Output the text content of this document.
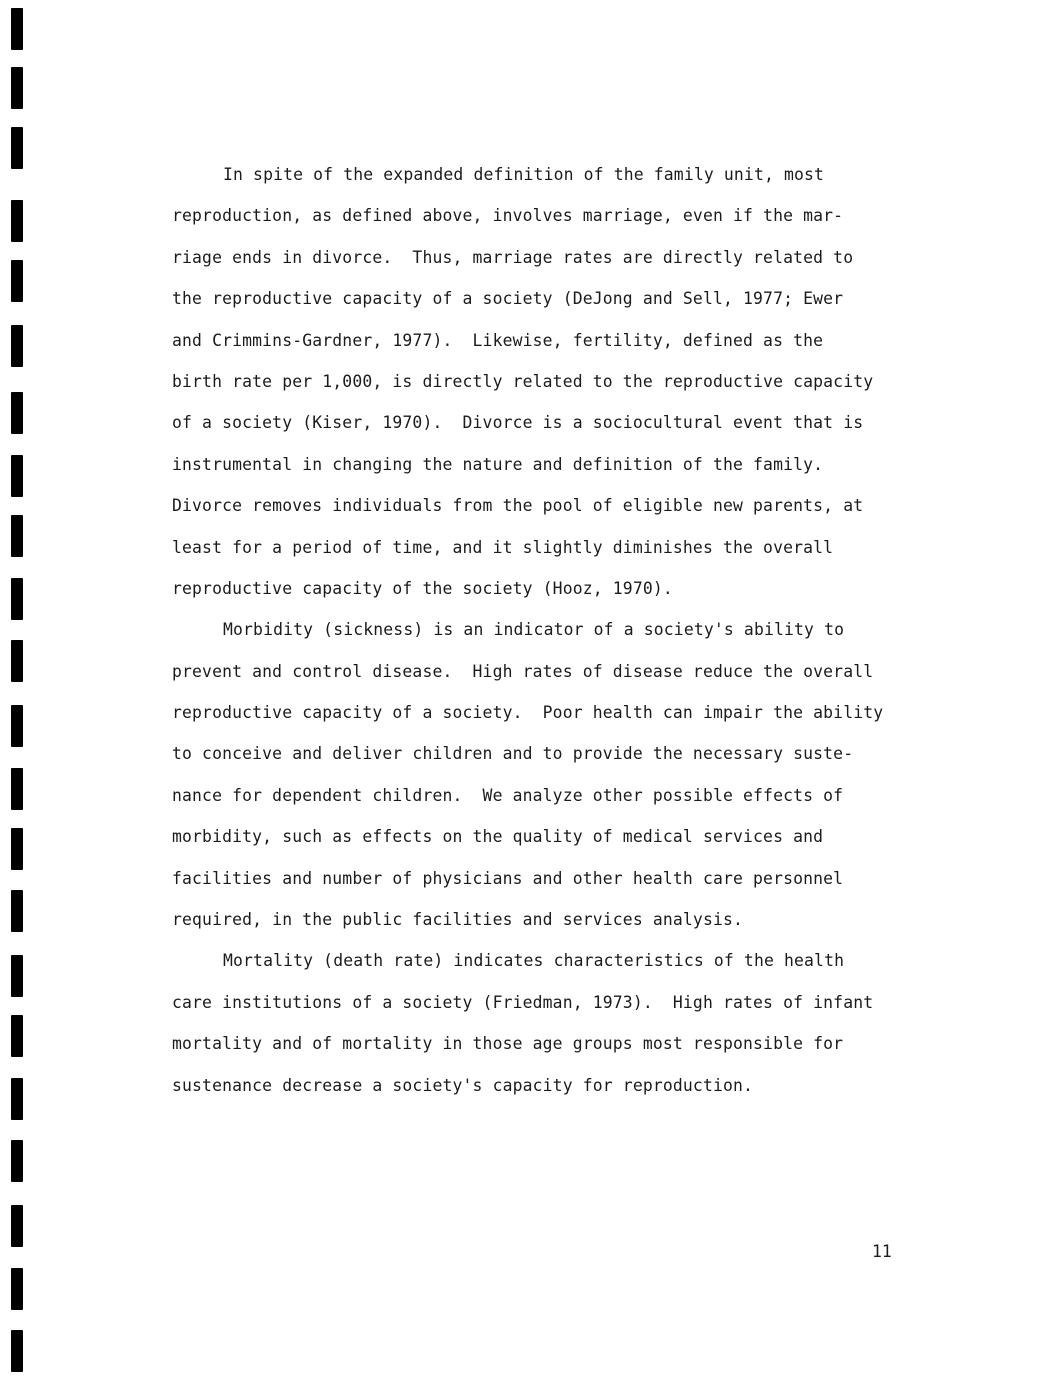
In spite of the expanded definition of the family unit, most
reproduction, as defined above, involves marriage, even if the mar-
riage ends in divorce.  Thus, marriage rates are directly related to
the reproductive capacity of a society (DeJong and Sell, 1977; Ewer
and Crimmins-Gardner, 1977).  Likewise, fertility, defined as the
birth rate per 1,000, is directly related to the reproductive capacity
of a society (Kiser, 1970).  Divorce is a sociocultural event that is
instrumental in changing the nature and definition of the family.
Divorce removes individuals from the pool of eligible new parents, at
least for a period of time, and it slightly diminishes the overall
reproductive capacity of the society (Hooz, 1970).
Morbidity (sickness) is an indicator of a society's ability to
prevent and control disease.  High rates of disease reduce the overall
reproductive capacity of a society.  Poor health can impair the ability
to conceive and deliver children and to provide the necessary suste-
nance for dependent children.  We analyze other possible effects of
morbidity, such as effects on the quality of medical services and
facilities and number of physicians and other health care personnel
required, in the public facilities and services analysis.
Mortality (death rate) indicates characteristics of the health
care institutions of a society (Friedman, 1973).  High rates of infant
mortality and of mortality in those age groups most responsible for
sustenance decrease a society's capacity for reproduction.
11
